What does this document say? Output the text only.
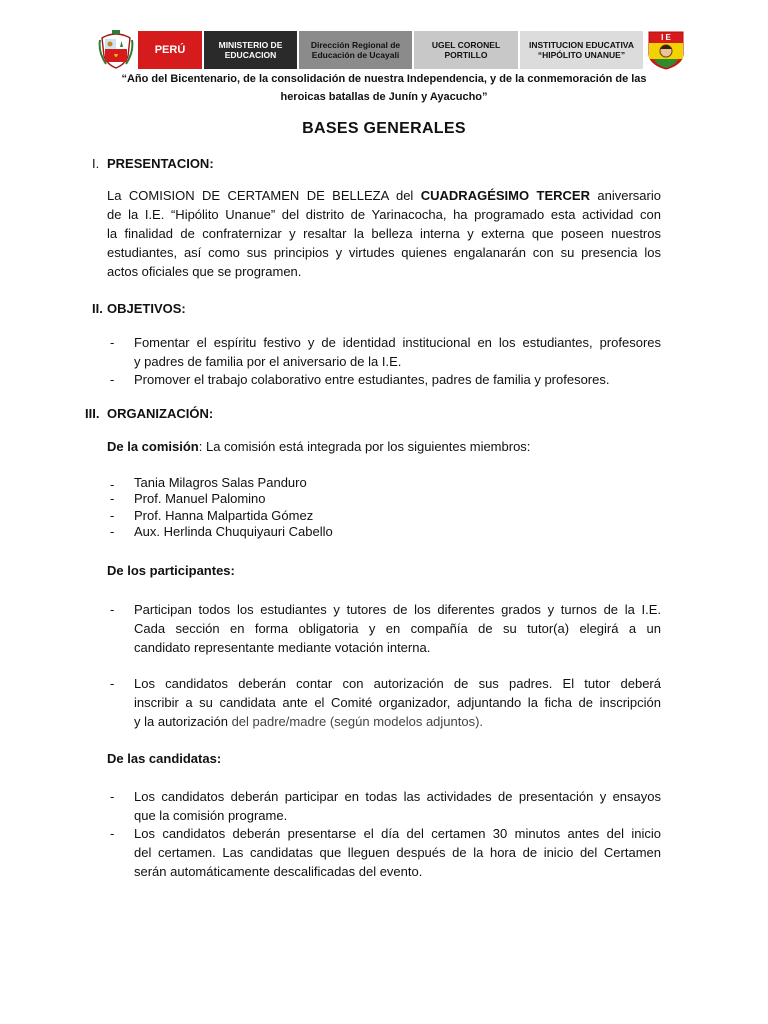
PERÚ	MINISTERIO DE
EDUCACION
Dirección Regional de
Educación de Ucayali
UGEL CORONEL
PORTILLO
INSTITUCION EDUCATIVA
“HIPÓLITO UNANUE”
I E
“Año del Bicentenario, de la consolidación de nuestra Independencia, y de la conmemoración de las
heroicas batallas de Junín y Ayacucho”
BASES GENERALES
I. PRESENTACION:
La COMISION DE CERTAMEN DE BELLEZA del CUADRAGÉSIMO TERCER aniversario
de la I.E. “Hipólito Unanue” del distrito de Yarinacocha, ha programado esta actividad con
la finalidad de confraternizar y resaltar la belleza interna y externa que poseen nuestros
estudiantes, así como sus principios y virtudes quienes engalanarán con su presencia los
actos oficiales que se programen.
II. OBJETIVOS:
- Fomentar el espíritu festivo y de identidad institucional en los estudiantes, profesores
y padres de familia por el aniversario de la I.E.
- Promover el trabajo colaborativo entre estudiantes, padres de familia y profesores.
III. ORGANIZACIÓN:
De la comisión: La comisión está integrada por los siguientes miembros:
- Tania Milagros Salas Panduro
- Prof. Manuel Palomino
- Prof. Hanna Malpartida Gómez
- Aux. Herlinda Chuquiyauri Cabello
De los participantes:
- Participan todos los estudiantes y tutores de los diferentes grados y turnos de la I.E.
Cada sección en forma obligatoria y en compañía de su tutor(a) elegirá a un
candidato representante mediante votación interna.
- Los candidatos deberán contar con autorización de sus padres. El tutor deberá
inscribir a su candidata ante el Comité organizador, adjuntando la ficha de inscripción
y la autorización del padre/madre (según modelos adjuntos).
De las candidatas:
- Los candidatos deberán participar en todas las actividades de presentación y ensayos
que la comisión programe.
- Los candidatos deberán presentarse el día del certamen 30 minutos antes del inicio
del certamen. Las candidatas que lleguen después de la hora de inicio del Certamen
serán automáticamente descalificadas del evento.
